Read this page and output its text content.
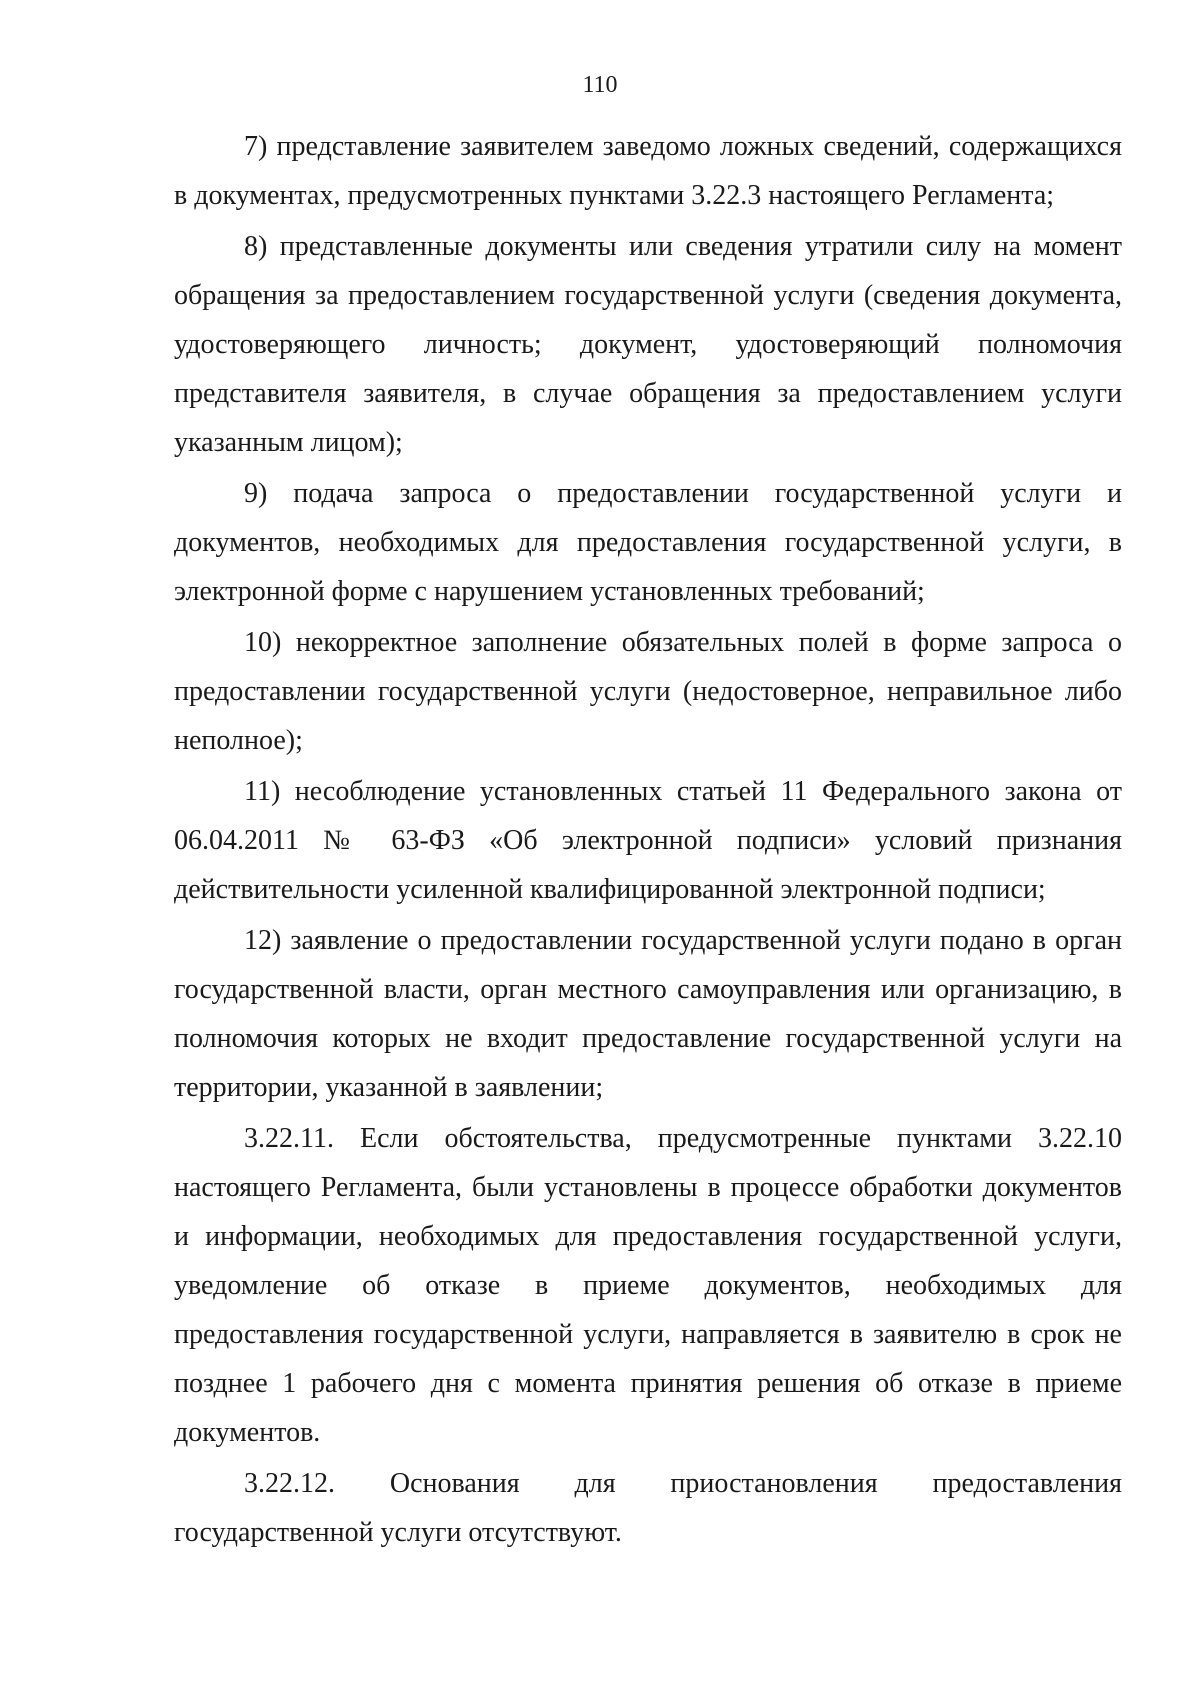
110

7) представление заявителем заведомо ложных сведений, содержащихся в документах, предусмотренных пунктами 3.22.3 настоящего Регламента;

8) представленные документы или сведения утратили силу на момент обращения за предоставлением государственной услуги (сведения документа, удостоверяющего личность; документ, удостоверяющий полномочия представителя заявителя, в случае обращения за предоставлением услуги указанным лицом);

9) подача запроса о предоставлении государственной услуги и документов, необходимых для предоставления государственной услуги, в электронной форме с нарушением установленных требований;

10) некорректное заполнение обязательных полей в форме запроса о предоставлении государственной услуги (недостоверное, неправильное либо неполное);

11) несоблюдение установленных статьей 11 Федерального закона от 06.04.2011 № 63-ФЗ «Об электронной подписи» условий признания действительности усиленной квалифицированной электронной подписи;

12) заявление о предоставлении государственной услуги подано в орган государственной власти, орган местного самоуправления или организацию, в полномочия которых не входит предоставление государственной услуги на территории, указанной в заявлении;

3.22.11. Если обстоятельства, предусмотренные пунктами 3.22.10 настоящего Регламента, были установлены в процессе обработки документов и информации, необходимых для предоставления государственной услуги, уведомление об отказе в приеме документов, необходимых для предоставления государственной услуги, направляется в заявителю в срок не позднее 1 рабочего дня с момента принятия решения об отказе в приеме документов.

3.22.12. Основания для приостановления предоставления государственной услуги отсутствуют.
